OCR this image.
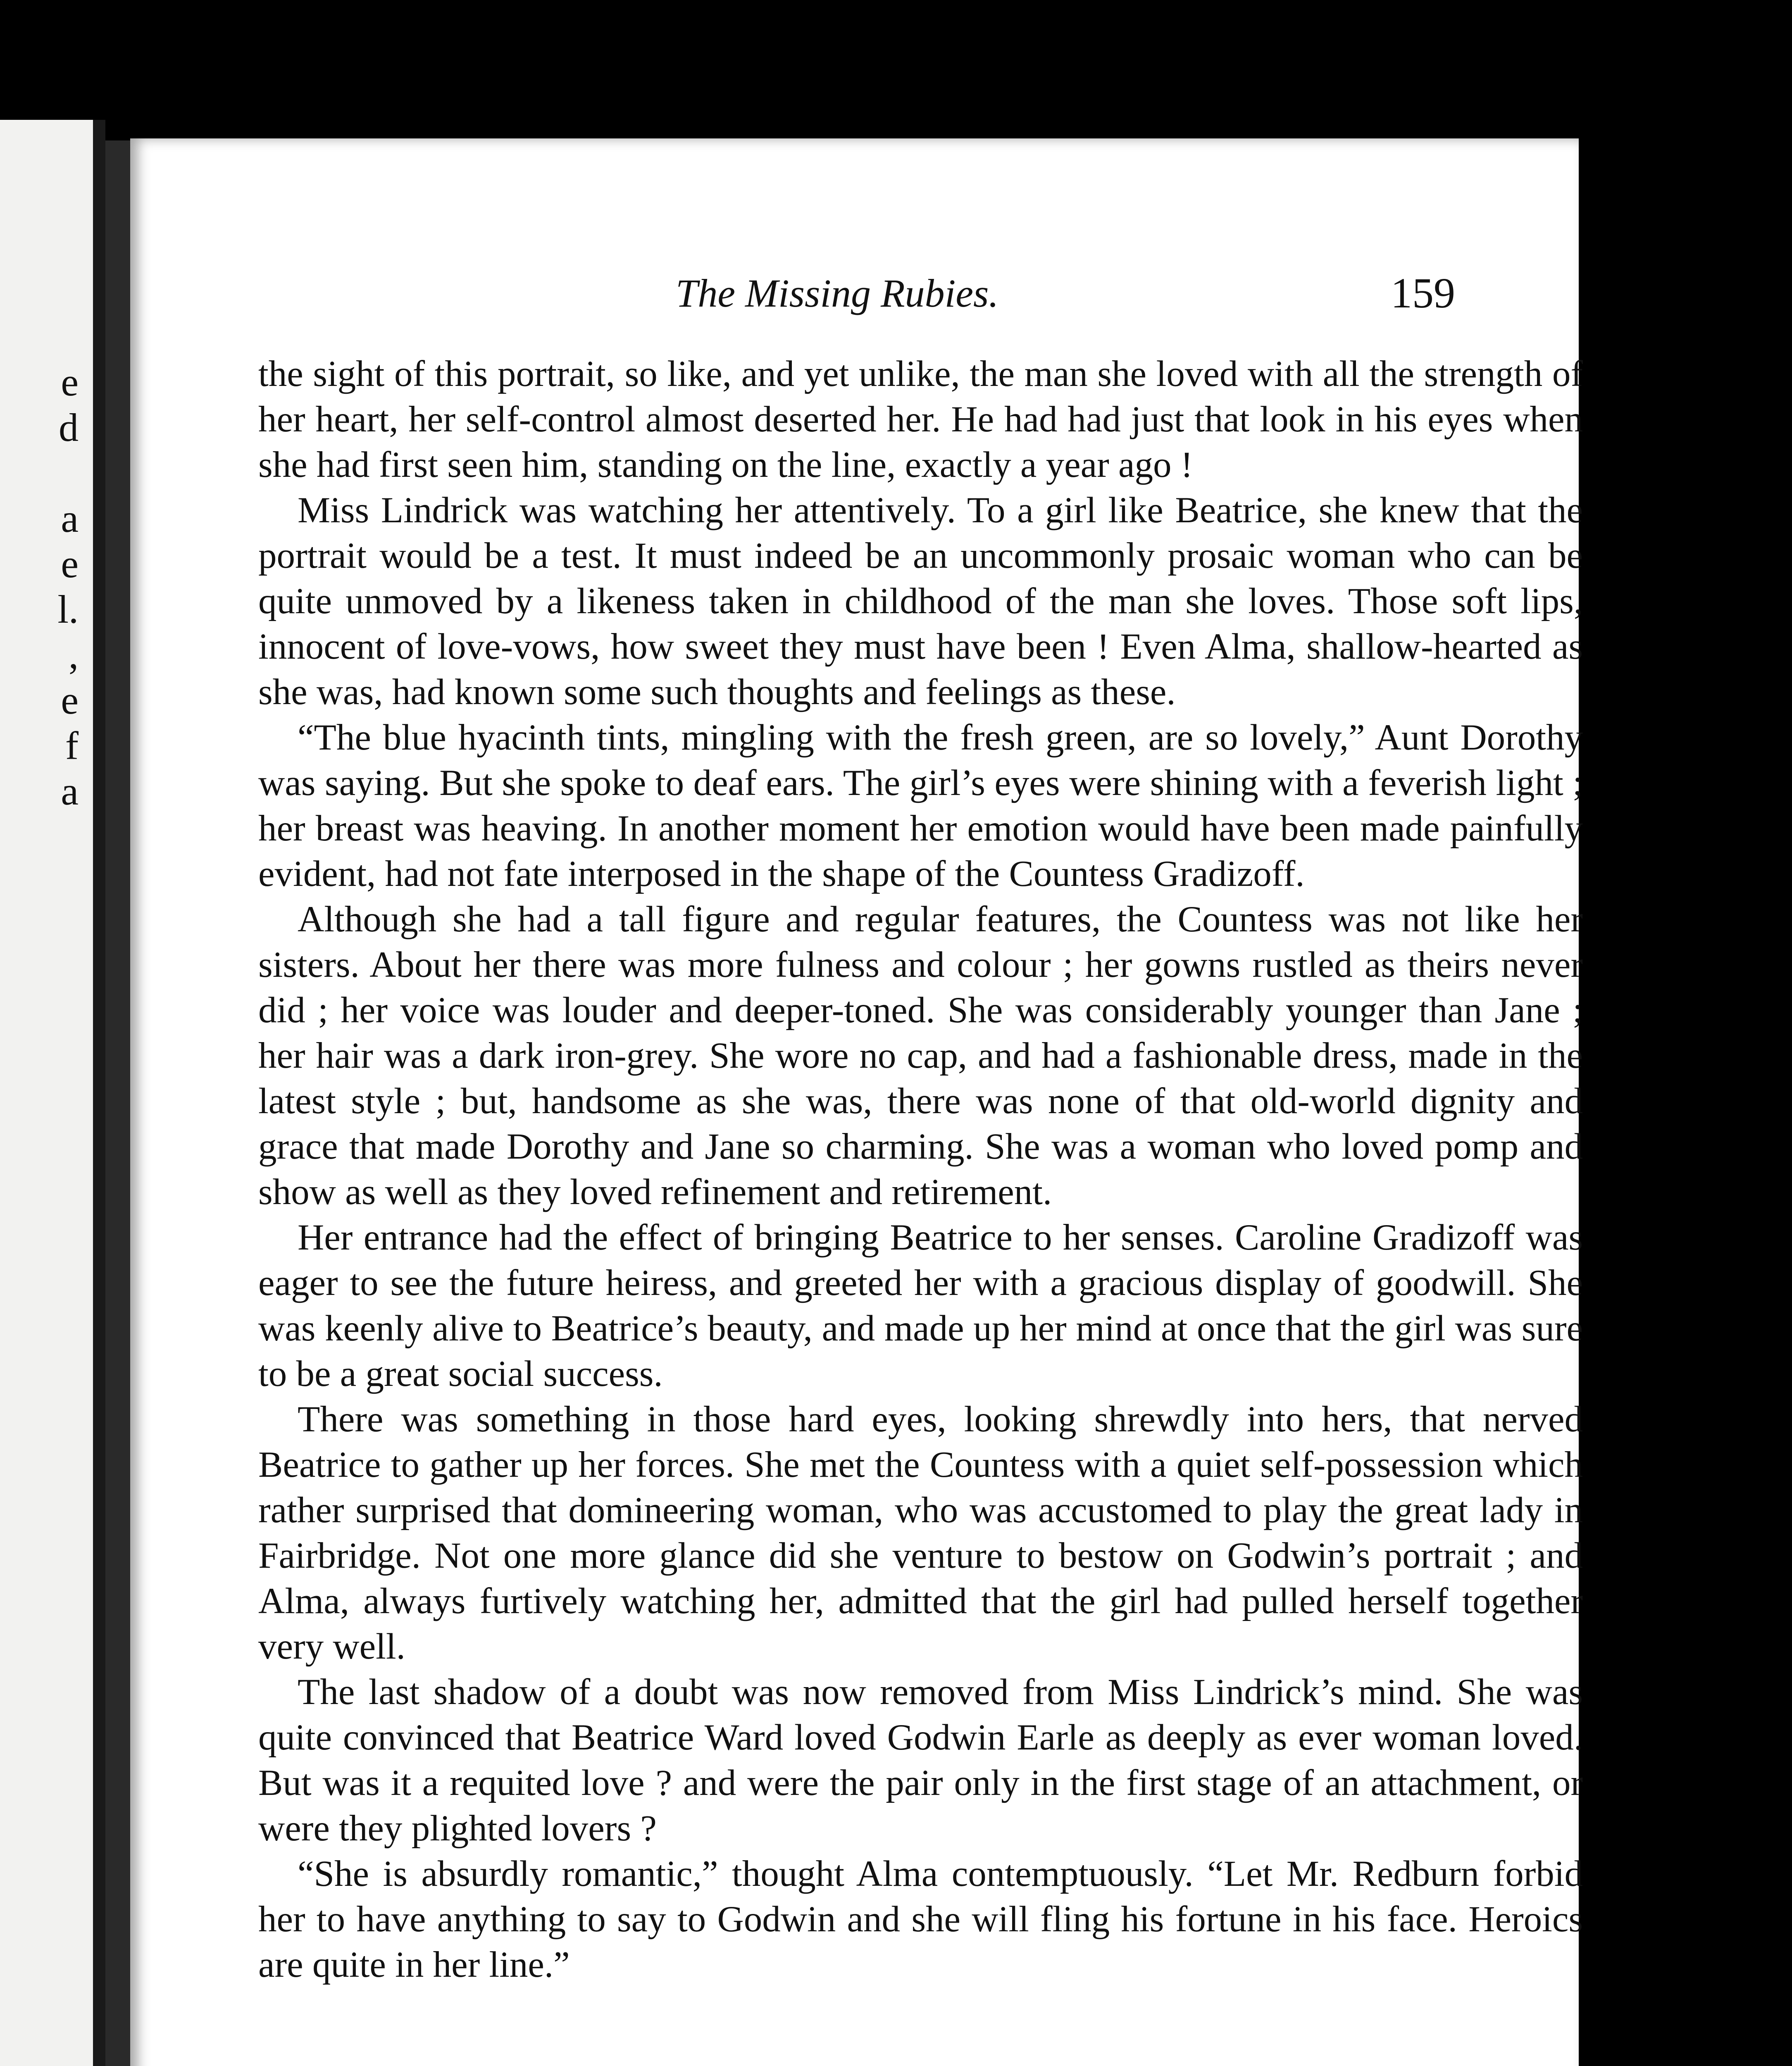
e
d
a
e
l.
,
e
f
a
The Missing Rubies.	159

the sight of this portrait, so like, and yet unlike, the man she loved with all the strength of her heart, her self-control almost deserted her. He had had just that look in his eyes when she had first seen him, standing on the line, exactly a year ago !

Miss Lindrick was watching her attentively. To a girl like Beatrice, she knew that the portrait would be a test. It must indeed be an uncommonly prosaic woman who can be quite unmoved by a likeness taken in childhood of the man she loves. Those soft lips, innocent of love-vows, how sweet they must have been ! Even Alma, shallow-hearted as she was, had known some such thoughts and feelings as these.

“The blue hyacinth tints, mingling with the fresh green, are so lovely,” Aunt Dorothy was saying. But she spoke to deaf ears. The girl’s eyes were shining with a feverish light ; her breast was heaving. In another moment her emotion would have been made painfully evident, had not fate interposed in the shape of the Countess Gradizoff.

Although she had a tall figure and regular features, the Countess was not like her sisters. About her there was more fulness and colour ; her gowns rustled as theirs never did ; her voice was louder and deeper-toned. She was considerably younger than Jane ; her hair was a dark iron-grey. She wore no cap, and had a fashionable dress, made in the latest style ; but, handsome as she was, there was none of that old-world dignity and grace that made Dorothy and Jane so charming. She was a woman who loved pomp and show as well as they loved refinement and retirement.

Her entrance had the effect of bringing Beatrice to her senses. Caroline Gradizoff was eager to see the future heiress, and greeted her with a gracious display of goodwill. She was keenly alive to Beatrice’s beauty, and made up her mind at once that the girl was sure to be a great social success.

There was something in those hard eyes, looking shrewdly into hers, that nerved Beatrice to gather up her forces. She met the Countess with a quiet self-possession which rather surprised that domineering woman, who was accustomed to play the great lady in Fairbridge. Not one more glance did she venture to bestow on Godwin’s portrait ; and Alma, always furtively watching her, admitted that the girl had pulled herself together very well.

The last shadow of a doubt was now removed from Miss Lindrick’s mind. She was quite convinced that Beatrice Ward loved Godwin Earle as deeply as ever woman loved. But was it a requited love ? and were the pair only in the first stage of an attachment, or were they plighted lovers ?

“She is absurdly romantic,” thought Alma contemptuously. “Let Mr. Redburn forbid her to have anything to say to Godwin and she will fling his fortune in his face. Heroics are quite in her line.”
